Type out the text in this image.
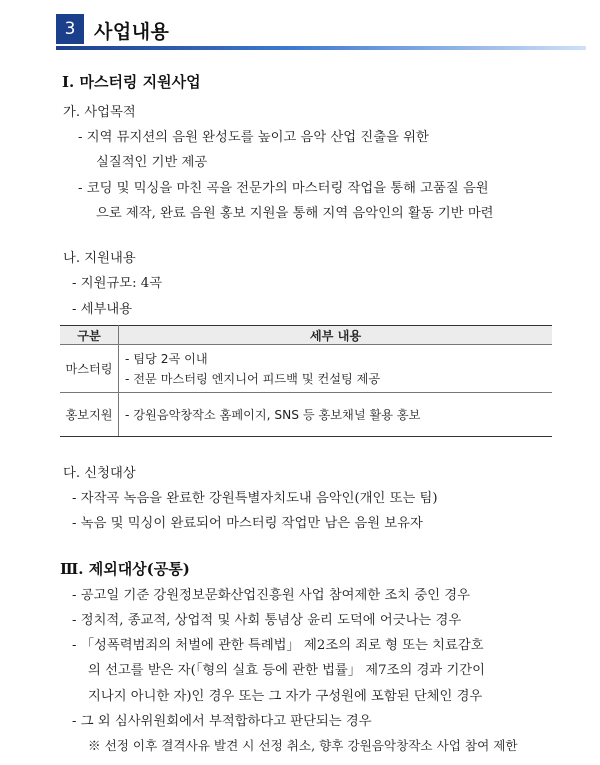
3 사업내용
I. 마스터링 지원사업
가. 사업목적
- 지역 뮤지션의 음원 완성도를 높이고 음악 산업 진출을 위한
실질적인 기반 제공
- 코딩 및 믹싱을 마친 곡을 전문가의 마스터링 작업을 통해 고품질 음원
으로 제작, 완료 음원 홍보 지원을 통해 지역 음악인의 활동 기반 마련
나. 지원내용
- 지원규모: 4곡
- 세부내용
구분	세부 내용
마스터링	- 팀당 2곡 이내
- 전문 마스터링 엔지니어 피드백 및 컨설팅 제공

홍보지원	- 강원음악창작소 홈페이지, SNS 등 홍보채널 활용 홍보
다. 신청대상
- 자작곡 녹음을 완료한 강원특별자치도내 음악인(개인 또는 팀)
- 녹음 및 믹싱이 완료되어 마스터링 작업만 남은 음원 보유자
Ⅲ. 제외대상(공통)
- 공고일 기준 강원정보문화산업진흥원 사업 참여제한 조치 중인 경우
- 정치적, 종교적, 상업적 및 사회 통념상 윤리 도덕에 어긋나는 경우
- 「성폭력범죄의 처벌에 관한 특례법」 제2조의 죄로 형 또는 치료감호
의 선고를 받은 자(「형의 실효 등에 관한 법률」 제7조의 경과 기간이
지나지 아니한 자)인 경우 또는 그 자가 구성원에 포함된 단체인 경우
- 그 외 심사위원회에서 부적합하다고 판단되는 경우
※ 선정 이후 결격사유 발견 시 선정 취소, 향후 강원음악창작소 사업 참여 제한
